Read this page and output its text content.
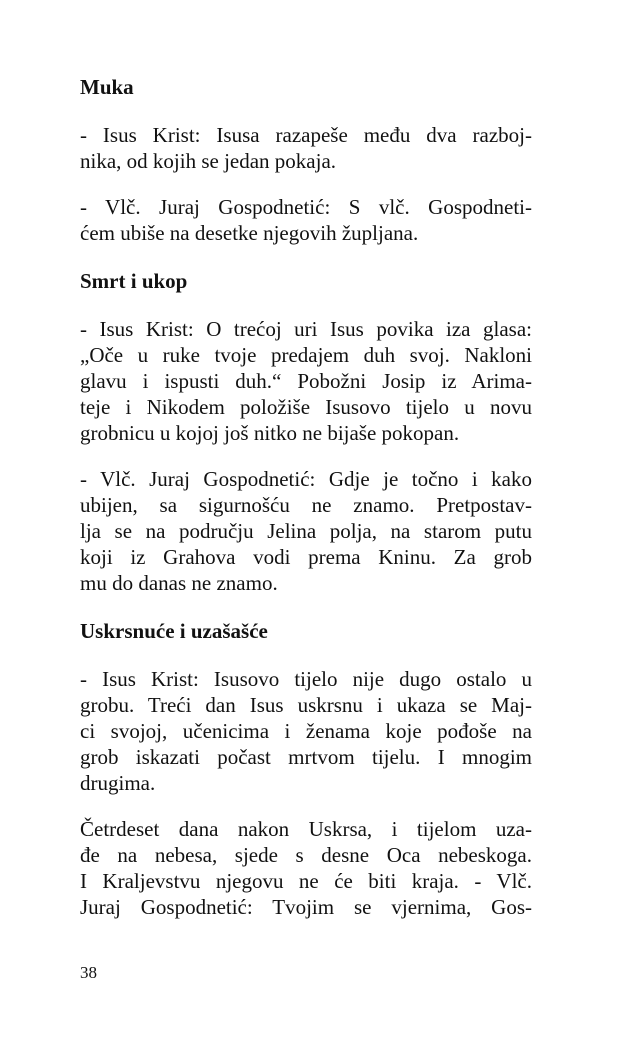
Muka

- Isus Krist: Isusa razapeše među dva razboj-
nika, od kojih se jedan pokaja.

- Vlč. Juraj Gospodnetić: S vlč. Gospodneti-
ćem ubiše na desetke njegovih župljana.

Smrt i ukop

- Isus Krist: O trećoj uri Isus povika iza glasa:
„Oče u ruke tvoje predajem duh svoj. Nakloni
glavu i ispusti duh.“ Pobožni Josip iz Arima-
teje i Nikodem položiše Isusovo tijelo u novu
grobnicu u kojoj još nitko ne bijaše pokopan.

- Vlč. Juraj Gospodnetić: Gdje je točno i kako
ubijen, sa sigurnošću ne znamo. Pretpostav-
lja se na području Jelina polja, na starom putu
koji iz Grahova vodi prema Kninu. Za grob
mu do danas ne znamo.

Uskrsnuće i uzašašće

- Isus Krist: Isusovo tijelo nije dugo ostalo u
grobu. Treći dan Isus uskrsnu i ukaza se Maj-
ci svojoj, učenicima i ženama koje pođoše na
grob iskazati počast mrtvom tijelu. I mnogim
drugima.

Četrdeset dana nakon Uskrsa, i tijelom uza-
đe na nebesa, sjede s desne Oca nebeskoga.
I Kraljevstvu njegovu ne će biti kraja. - Vlč.
Juraj Gospodnetić: Tvojim se vjernima, Gos-

38
